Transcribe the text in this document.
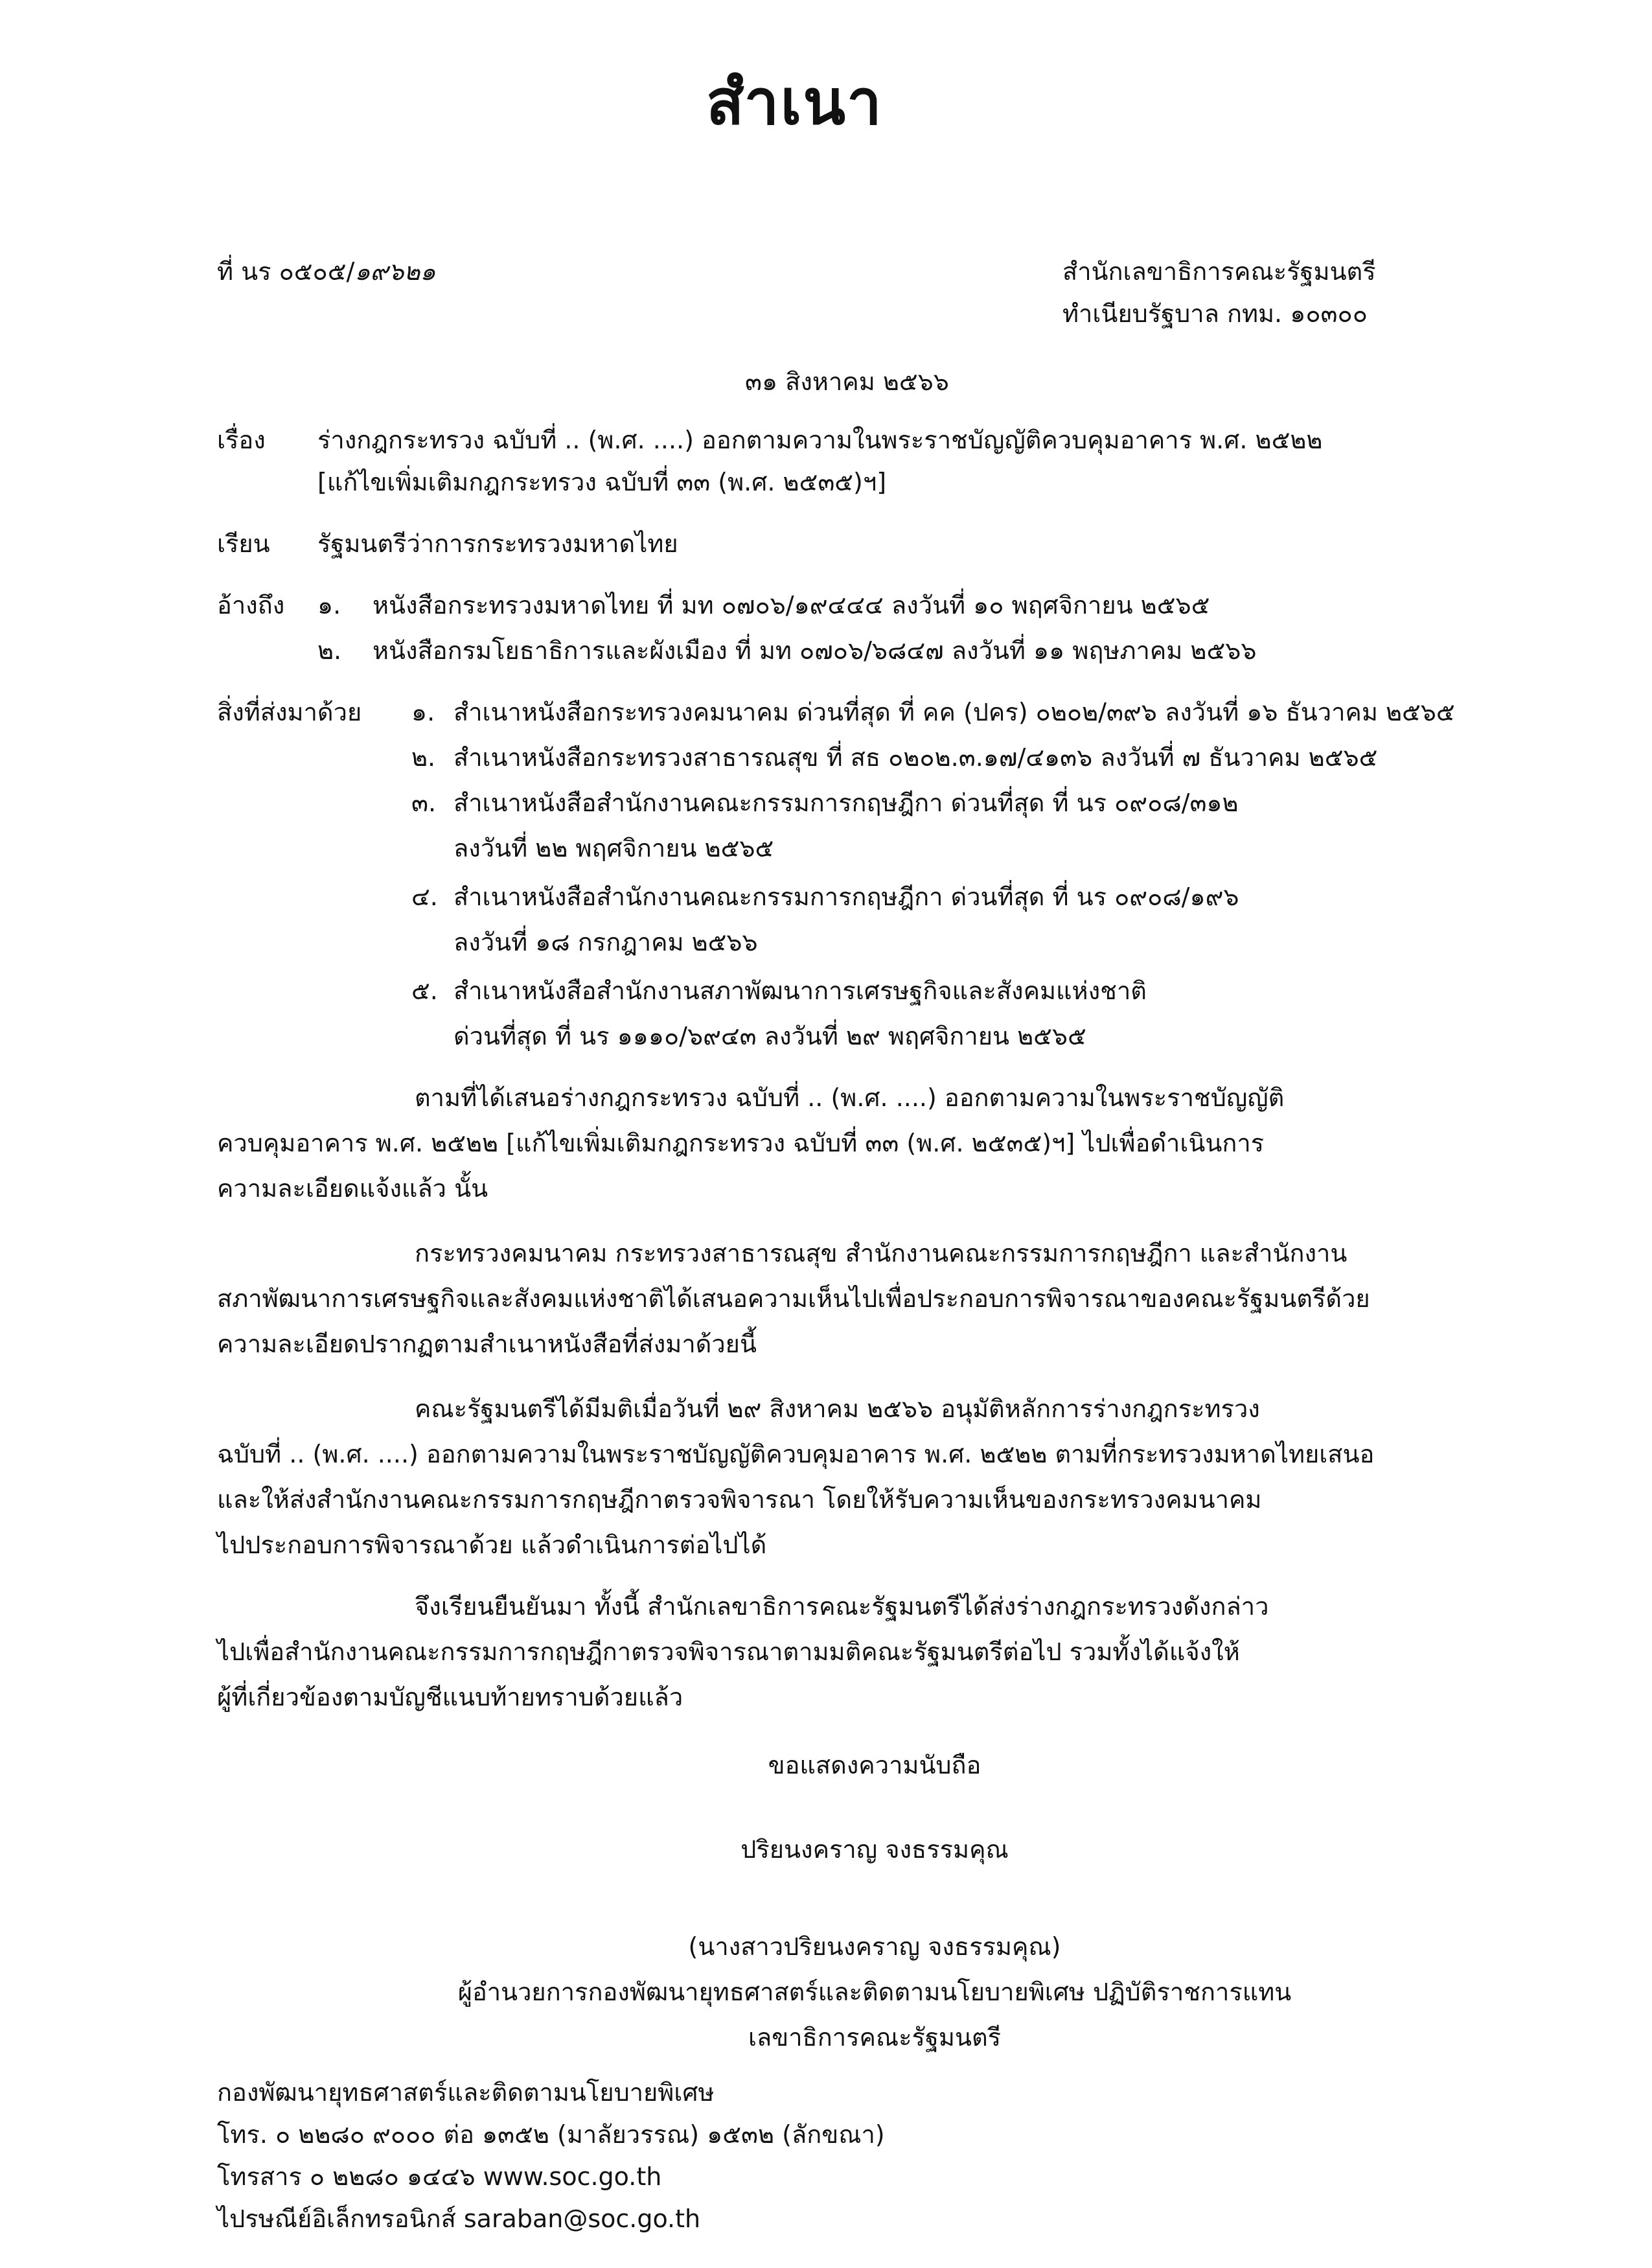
สำเนา
ที่ นร ๐๕๐๕/๑๙๖๒๑	สำนักเลขาธิการคณะรัฐมนตรี
ทำเนียบรัฐบาล กทม. ๑๐๓๐๐
๓๑ สิงหาคม ๒๕๖๖
เรื่อง ร่างกฎกระทรวง ฉบับที่ .. (พ.ศ. ....) ออกตามความในพระราชบัญญัติควบคุมอาคาร พ.ศ. ๒๕๒๒
[แก้ไขเพิ่มเติมกฎกระทรวง ฉบับที่ ๓๓ (พ.ศ. ๒๕๓๕)ฯ]
เรียน รัฐมนตรีว่าการกระทรวงมหาดไทย
อ้างถึง ๑. หนังสือกระทรวงมหาดไทย ที่ มท ๐๗๐๖/๑๙๔๔๔ ลงวันที่ ๑๐ พฤศจิกายน ๒๕๖๕
๒. หนังสือกรมโยธาธิการและผังเมือง ที่ มท ๐๗๐๖/๖๘๔๗ ลงวันที่ ๑๑ พฤษภาคม ๒๕๖๖
สิ่งที่ส่งมาด้วย ๑. สำเนาหนังสือกระทรวงคมนาคม ด่วนที่สุด ที่ คค (ปคร) ๐๒๐๒/๓๙๖ ลงวันที่ ๑๖ ธันวาคม ๒๕๖๕
๒. สำเนาหนังสือกระทรวงสาธารณสุข ที่ สธ ๐๒๐๒.๓.๑๗/๔๑๓๖ ลงวันที่ ๗ ธันวาคม ๒๕๖๕
๓. สำเนาหนังสือสำนักงานคณะกรรมการกฤษฎีกา ด่วนที่สุด ที่ นร ๐๙๐๘/๓๑๒
ลงวันที่ ๒๒ พฤศจิกายน ๒๕๖๕
๔. สำเนาหนังสือสำนักงานคณะกรรมการกฤษฎีกา ด่วนที่สุด ที่ นร ๐๙๐๘/๑๙๖
ลงวันที่ ๑๘ กรกฎาคม ๒๕๖๖
๕. สำเนาหนังสือสำนักงานสภาพัฒนาการเศรษฐกิจและสังคมแห่งชาติ
ด่วนที่สุด ที่ นร ๑๑๑๐/๖๙๔๓ ลงวันที่ ๒๙ พฤศจิกายน ๒๕๖๕
ตามที่ได้เสนอร่างกฎกระทรวง ฉบับที่ .. (พ.ศ. ....) ออกตามความในพระราชบัญญัติ
ควบคุมอาคาร พ.ศ. ๒๕๒๒ [แก้ไขเพิ่มเติมกฎกระทรวง ฉบับที่ ๓๓ (พ.ศ. ๒๕๓๕)ฯ] ไปเพื่อดำเนินการ
ความละเอียดแจ้งแล้ว นั้น
กระทรวงคมนาคม กระทรวงสาธารณสุข สำนักงานคณะกรรมการกฤษฎีกา และสำนักงาน
สภาพัฒนาการเศรษฐกิจและสังคมแห่งชาติได้เสนอความเห็นไปเพื่อประกอบการพิจารณาของคณะรัฐมนตรีด้วย
ความละเอียดปรากฏตามสำเนาหนังสือที่ส่งมาด้วยนี้
คณะรัฐมนตรีได้มีมติเมื่อวันที่ ๒๙ สิงหาคม ๒๕๖๖ อนุมัติหลักการร่างกฎกระทรวง
ฉบับที่ .. (พ.ศ. ....) ออกตามความในพระราชบัญญัติควบคุมอาคาร พ.ศ. ๒๕๒๒ ตามที่กระทรวงมหาดไทยเสนอ
และให้ส่งสำนักงานคณะกรรมการกฤษฎีกาตรวจพิจารณา โดยให้รับความเห็นของกระทรวงคมนาคม
ไปประกอบการพิจารณาด้วย แล้วดำเนินการต่อไปได้
จึงเรียนยืนยันมา ทั้งนี้ สำนักเลขาธิการคณะรัฐมนตรีได้ส่งร่างกฎกระทรวงดังกล่าว
ไปเพื่อสำนักงานคณะกรรมการกฤษฎีกาตรวจพิจารณาตามมติคณะรัฐมนตรีต่อไป รวมทั้งได้แจ้งให้
ผู้ที่เกี่ยวข้องตามบัญชีแนบท้ายทราบด้วยแล้ว
ขอแสดงความนับถือ
ปริยนงคราญ จงธรรมคุณ
(นางสาวปริยนงคราญ จงธรรมคุณ)
ผู้อำนวยการกองพัฒนายุทธศาสตร์และติดตามนโยบายพิเศษ ปฏิบัติราชการแทน
เลขาธิการคณะรัฐมนตรี
กองพัฒนายุทธศาสตร์และติดตามนโยบายพิเศษ
โทร. ๐ ๒๒๘๐ ๙๐๐๐ ต่อ ๑๓๕๒ (มาลัยวรรณ) ๑๕๓๒ (ลักขณา)
โทรสาร ๐ ๒๒๘๐ ๑๔๔๖ www.soc.go.th
ไปรษณีย์อิเล็กทรอนิกส์ saraban@soc.go.th
